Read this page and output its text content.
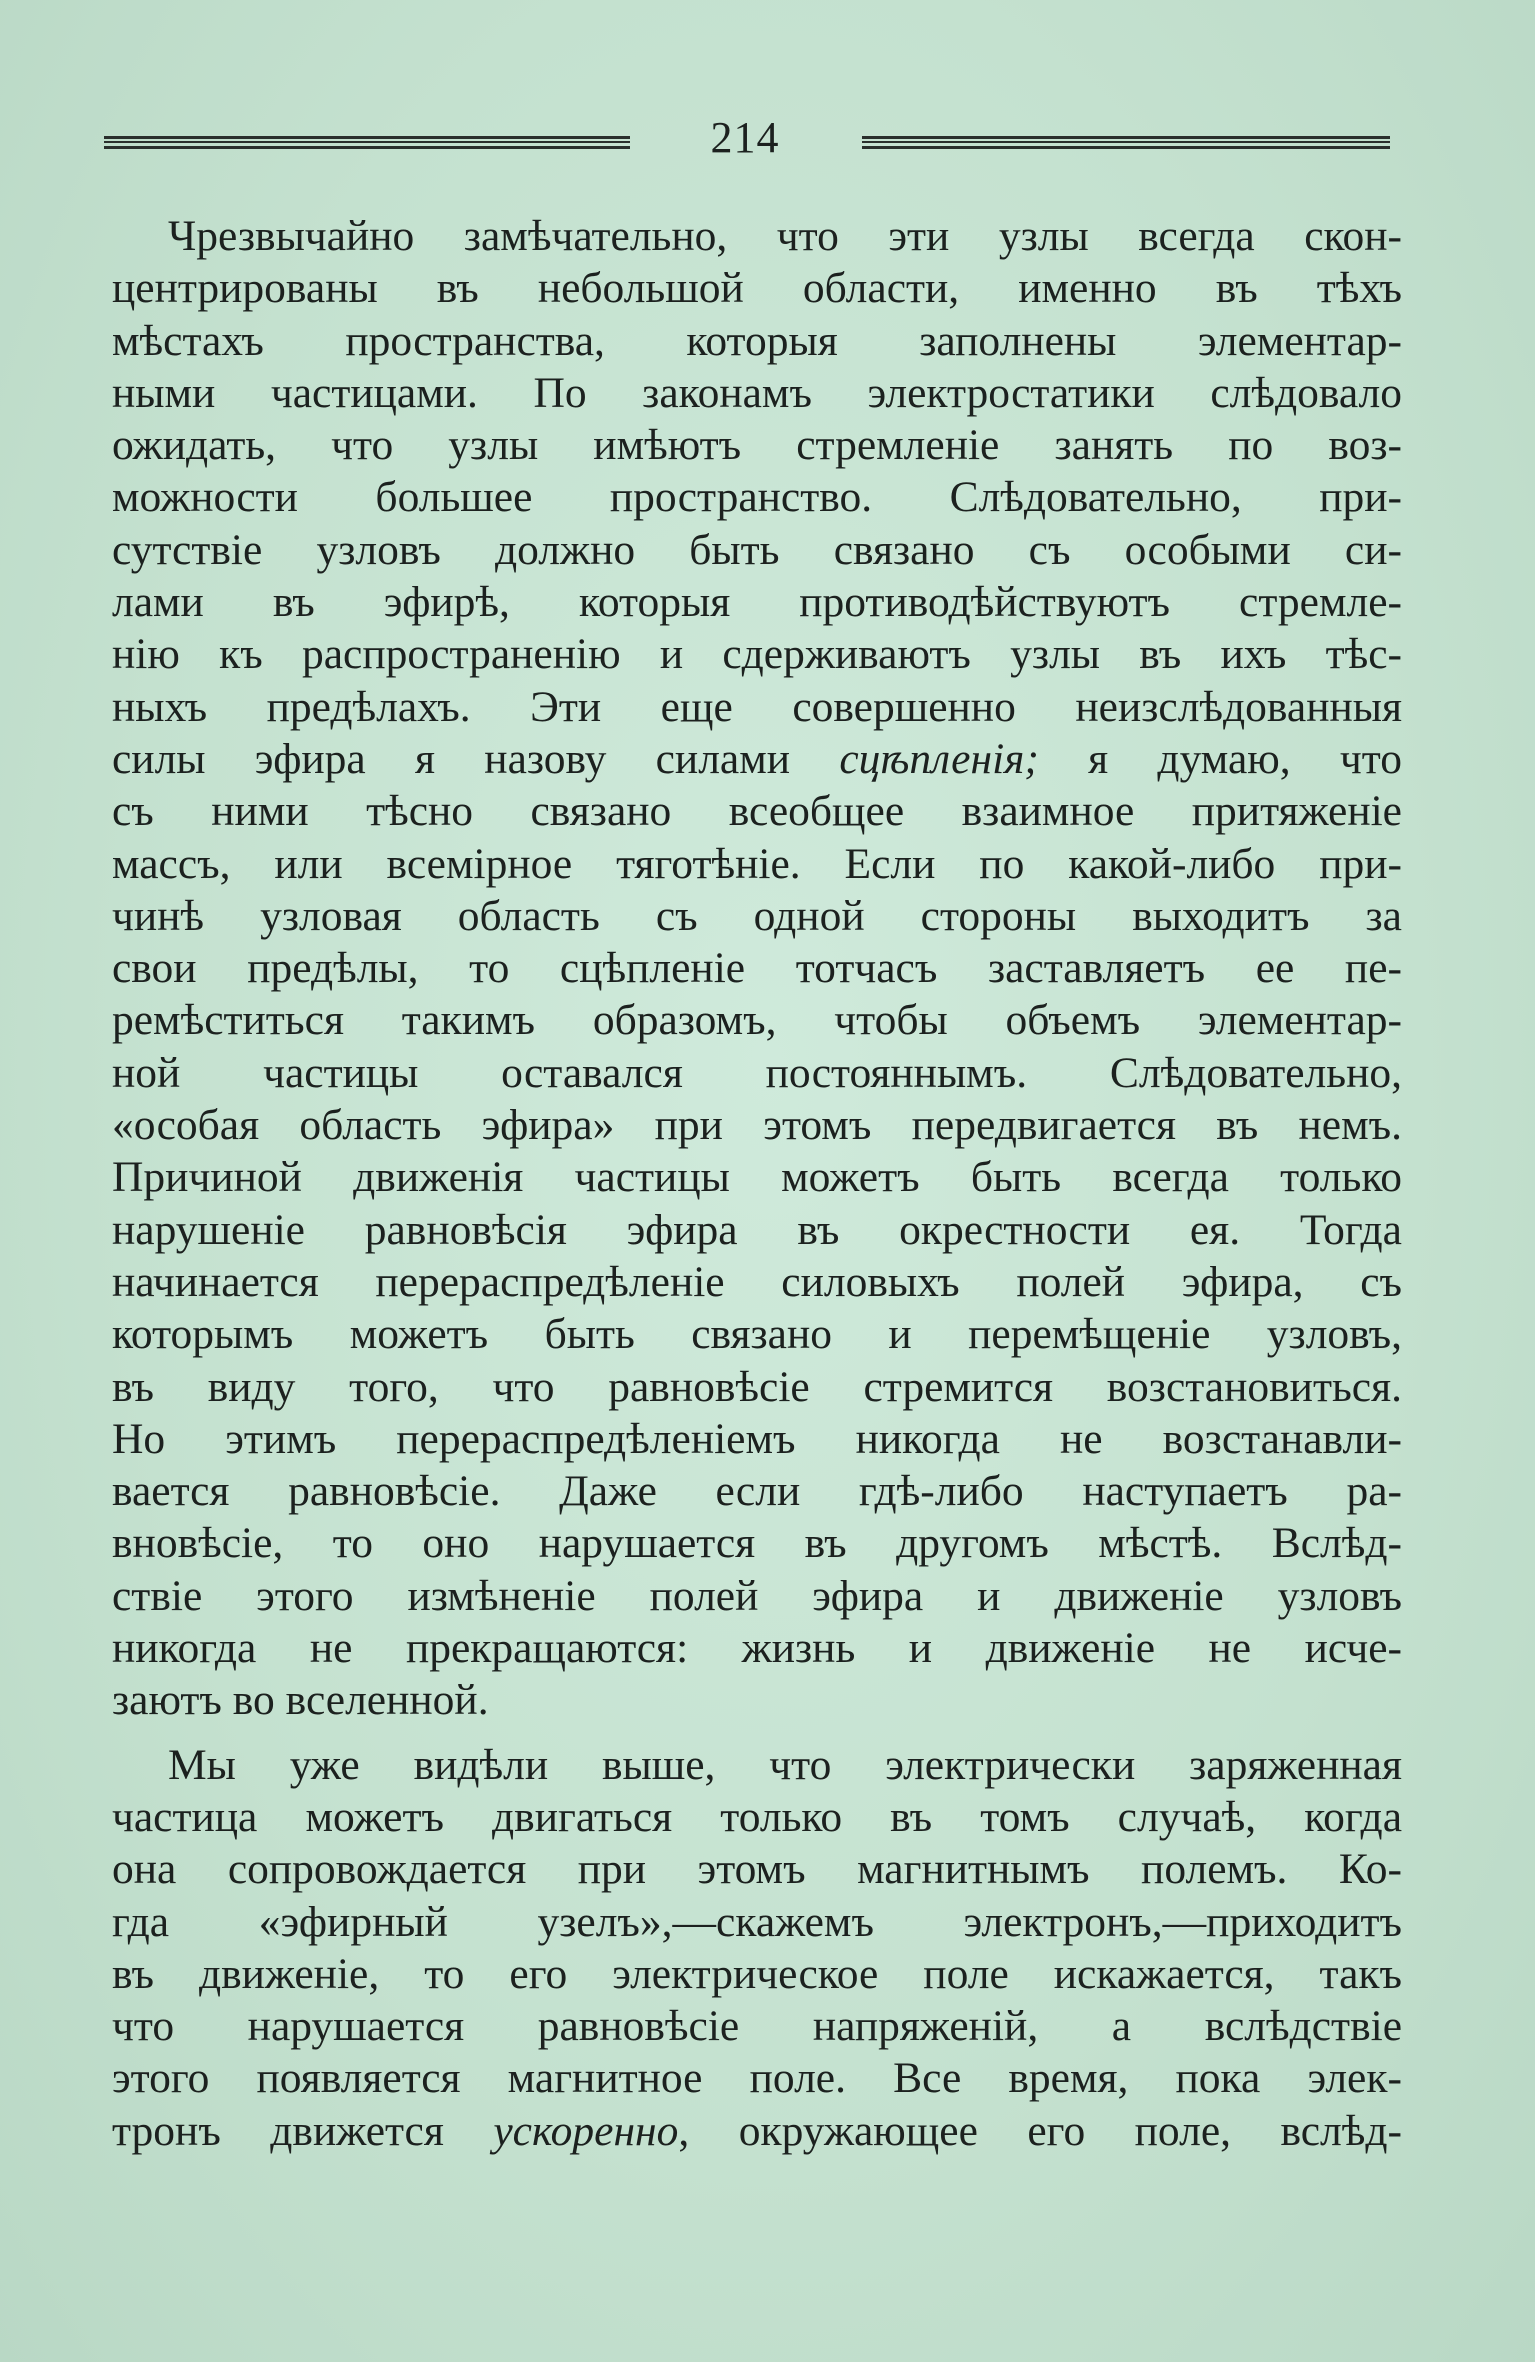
214
Чрезвычайно замѣчательно, что эти узлы всегда скон-
центрированы въ небольшой области, именно въ тѣхъ
мѣстахъ пространства, которыя заполнены элементар-
ными частицами. По законамъ электростатики слѣдовало
ожидать, что узлы имѣютъ стремленіе занять по воз-
можности большее пространство. Слѣдовательно, при-
сутствіе узловъ должно быть связано съ особыми си-
лами въ эфирѣ, которыя противодѣйствуютъ стремле-
нію къ распространенію и сдерживаютъ узлы въ ихъ тѣс-
ныхъ предѣлахъ. Эти еще совершенно неизслѣдованныя
силы эфира я назову силами сцѣпленія; я думаю, что
съ ними тѣсно связано всеобщее взаимное притяженіе
массъ, или всемірное тяготѣніе. Если по какой-либо при-
чинѣ узловая область съ одной стороны выходитъ за
свои предѣлы, то сцѣпленіе тотчасъ заставляетъ ее пе-
ремѣститься такимъ образомъ, чтобы объемъ элементар-
ной частицы оставался постояннымъ. Слѣдовательно,
«особая область эфира» при этомъ передвигается въ немъ.
Причиной движенія частицы можетъ быть всегда только
нарушеніе равновѣсія эфира въ окрестности ея. Тогда
начинается перераспредѣленіе силовыхъ полей эфира, съ
которымъ можетъ быть связано и перемѣщеніе узловъ,
въ виду того, что равновѣсіе стремится возстановиться.
Но этимъ перераспредѣленіемъ никогда не возстанавли-
вается равновѣсіе. Даже если гдѣ-либо наступаетъ ра-
вновѣсіе, то оно нарушается въ другомъ мѣстѣ. Вслѣд-
ствіе этого измѣненіе полей эфира и движеніе узловъ
никогда не прекращаются: жизнь и движеніе не исче-
заютъ во вселенной.
Мы уже видѣли выше, что электрически заряженная
частица можетъ двигаться только въ томъ случаѣ, когда
она сопровождается при этомъ магнитнымъ полемъ. Ко-
гда «эфирный узелъ»,—скажемъ электронъ,—приходитъ
въ движеніе, то его электрическое поле искажается, такъ
что нарушается равновѣсіе напряженій, а вслѣдствіе
этого появляется магнитное поле. Все время, пока элек-
тронъ движется ускоренно, окружающее его поле, вслѣд-
